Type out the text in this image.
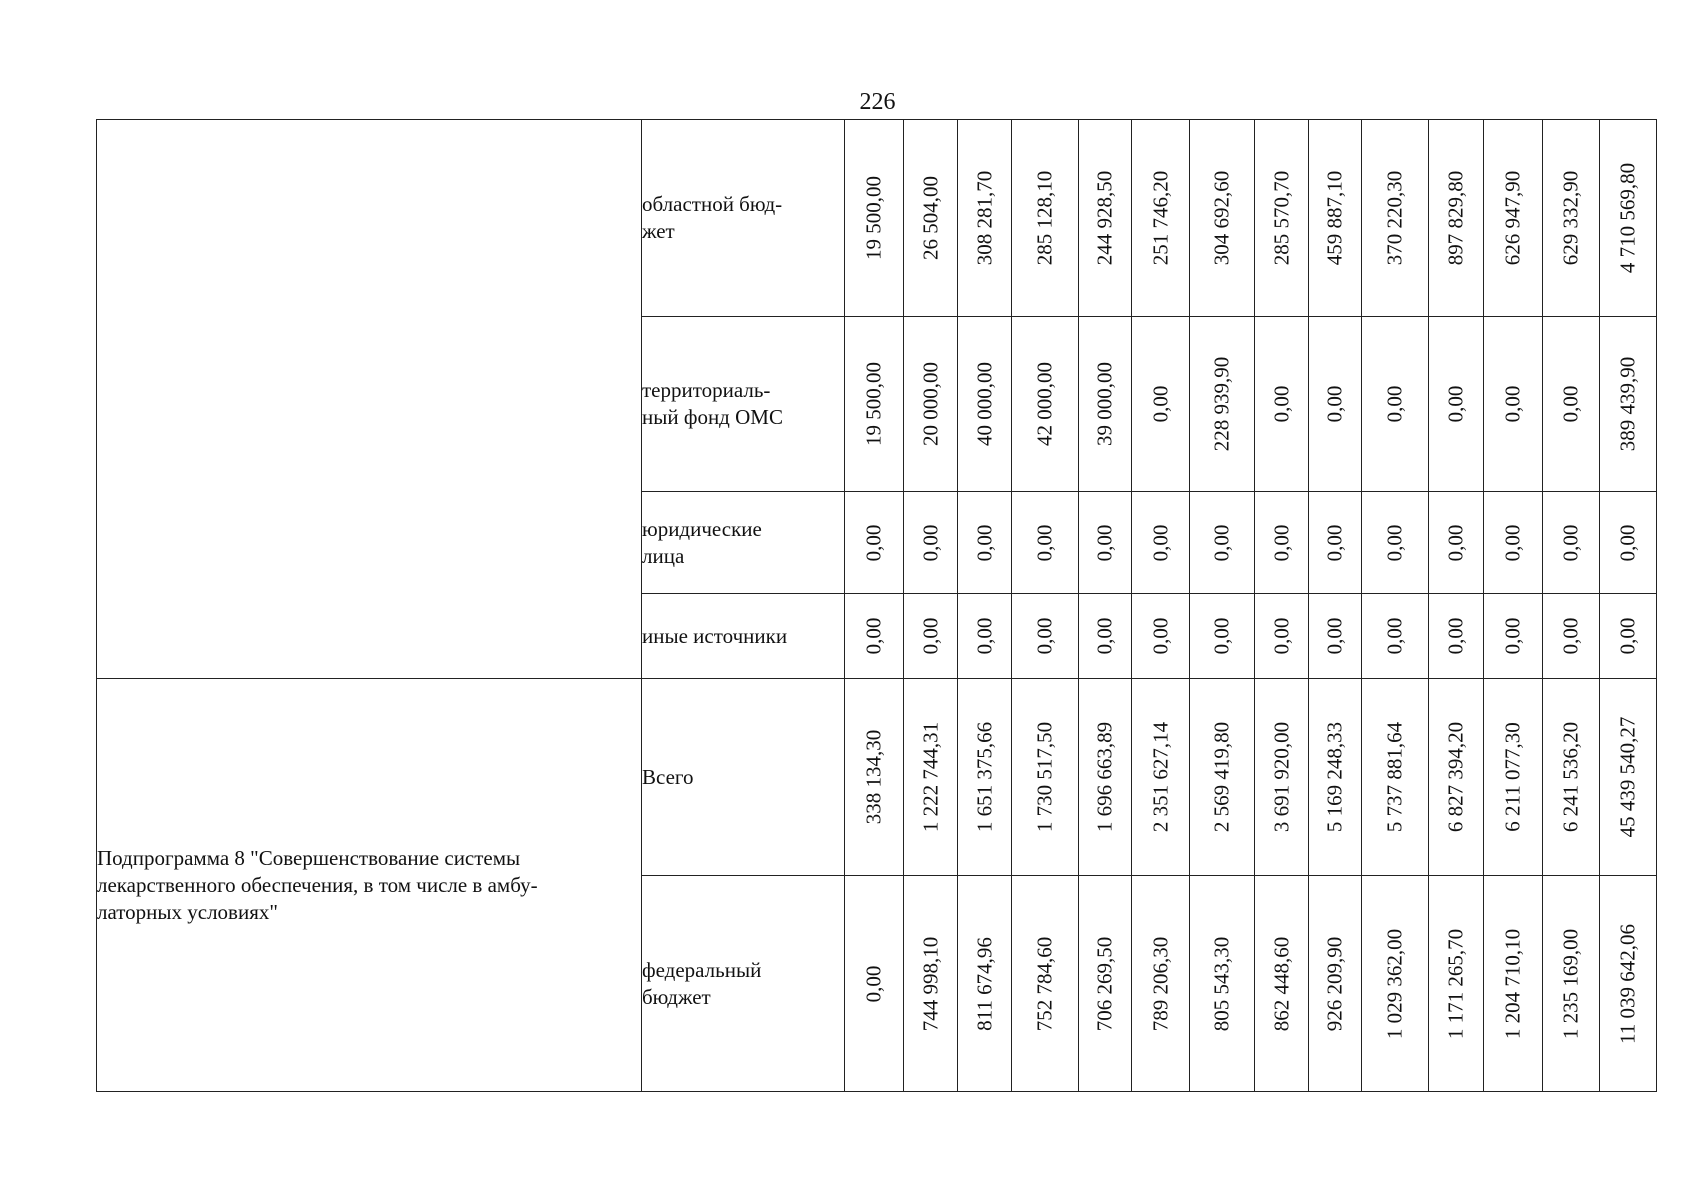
226
	областной бюд-
жет	19 500,00	26 504,00	308 281,70	285 128,10	244 928,50	251 746,20	304 692,60	285 570,70	459 887,10	370 220,30	897 829,80	626 947,90	629 332,90	4 710 569,80

	территориаль-
ный фонд ОМС	19 500,00	20 000,00	40 000,00	42 000,00	39 000,00	0,00	228 939,90	0,00	0,00	0,00	0,00	0,00	0,00	389 439,90

	юридические
лица	0,00	0,00	0,00	0,00	0,00	0,00	0,00	0,00	0,00	0,00	0,00	0,00	0,00	0,00

	иные источники	0,00	0,00	0,00	0,00	0,00	0,00	0,00	0,00	0,00	0,00	0,00	0,00	0,00	0,00

Подпрограмма 8 "Совершенствование системы
лекарственного обеспечения, в том числе в амбу-
латорных условиях"	Всего	338 134,30	1 222 744,31	1 651 375,66	1 730 517,50	1 696 663,89	2 351 627,14	2 569 419,80	3 691 920,00	5 169 248,33	5 737 881,64	6 827 394,20	6 211 077,30	6 241 536,20	45 439 540,27

	федеральный
бюджет	0,00	744 998,10	811 674,96	752 784,60	706 269,50	789 206,30	805 543,30	862 448,60	926 209,90	1 029 362,00	1 171 265,70	1 204 710,10	1 235 169,00	11 039 642,06
